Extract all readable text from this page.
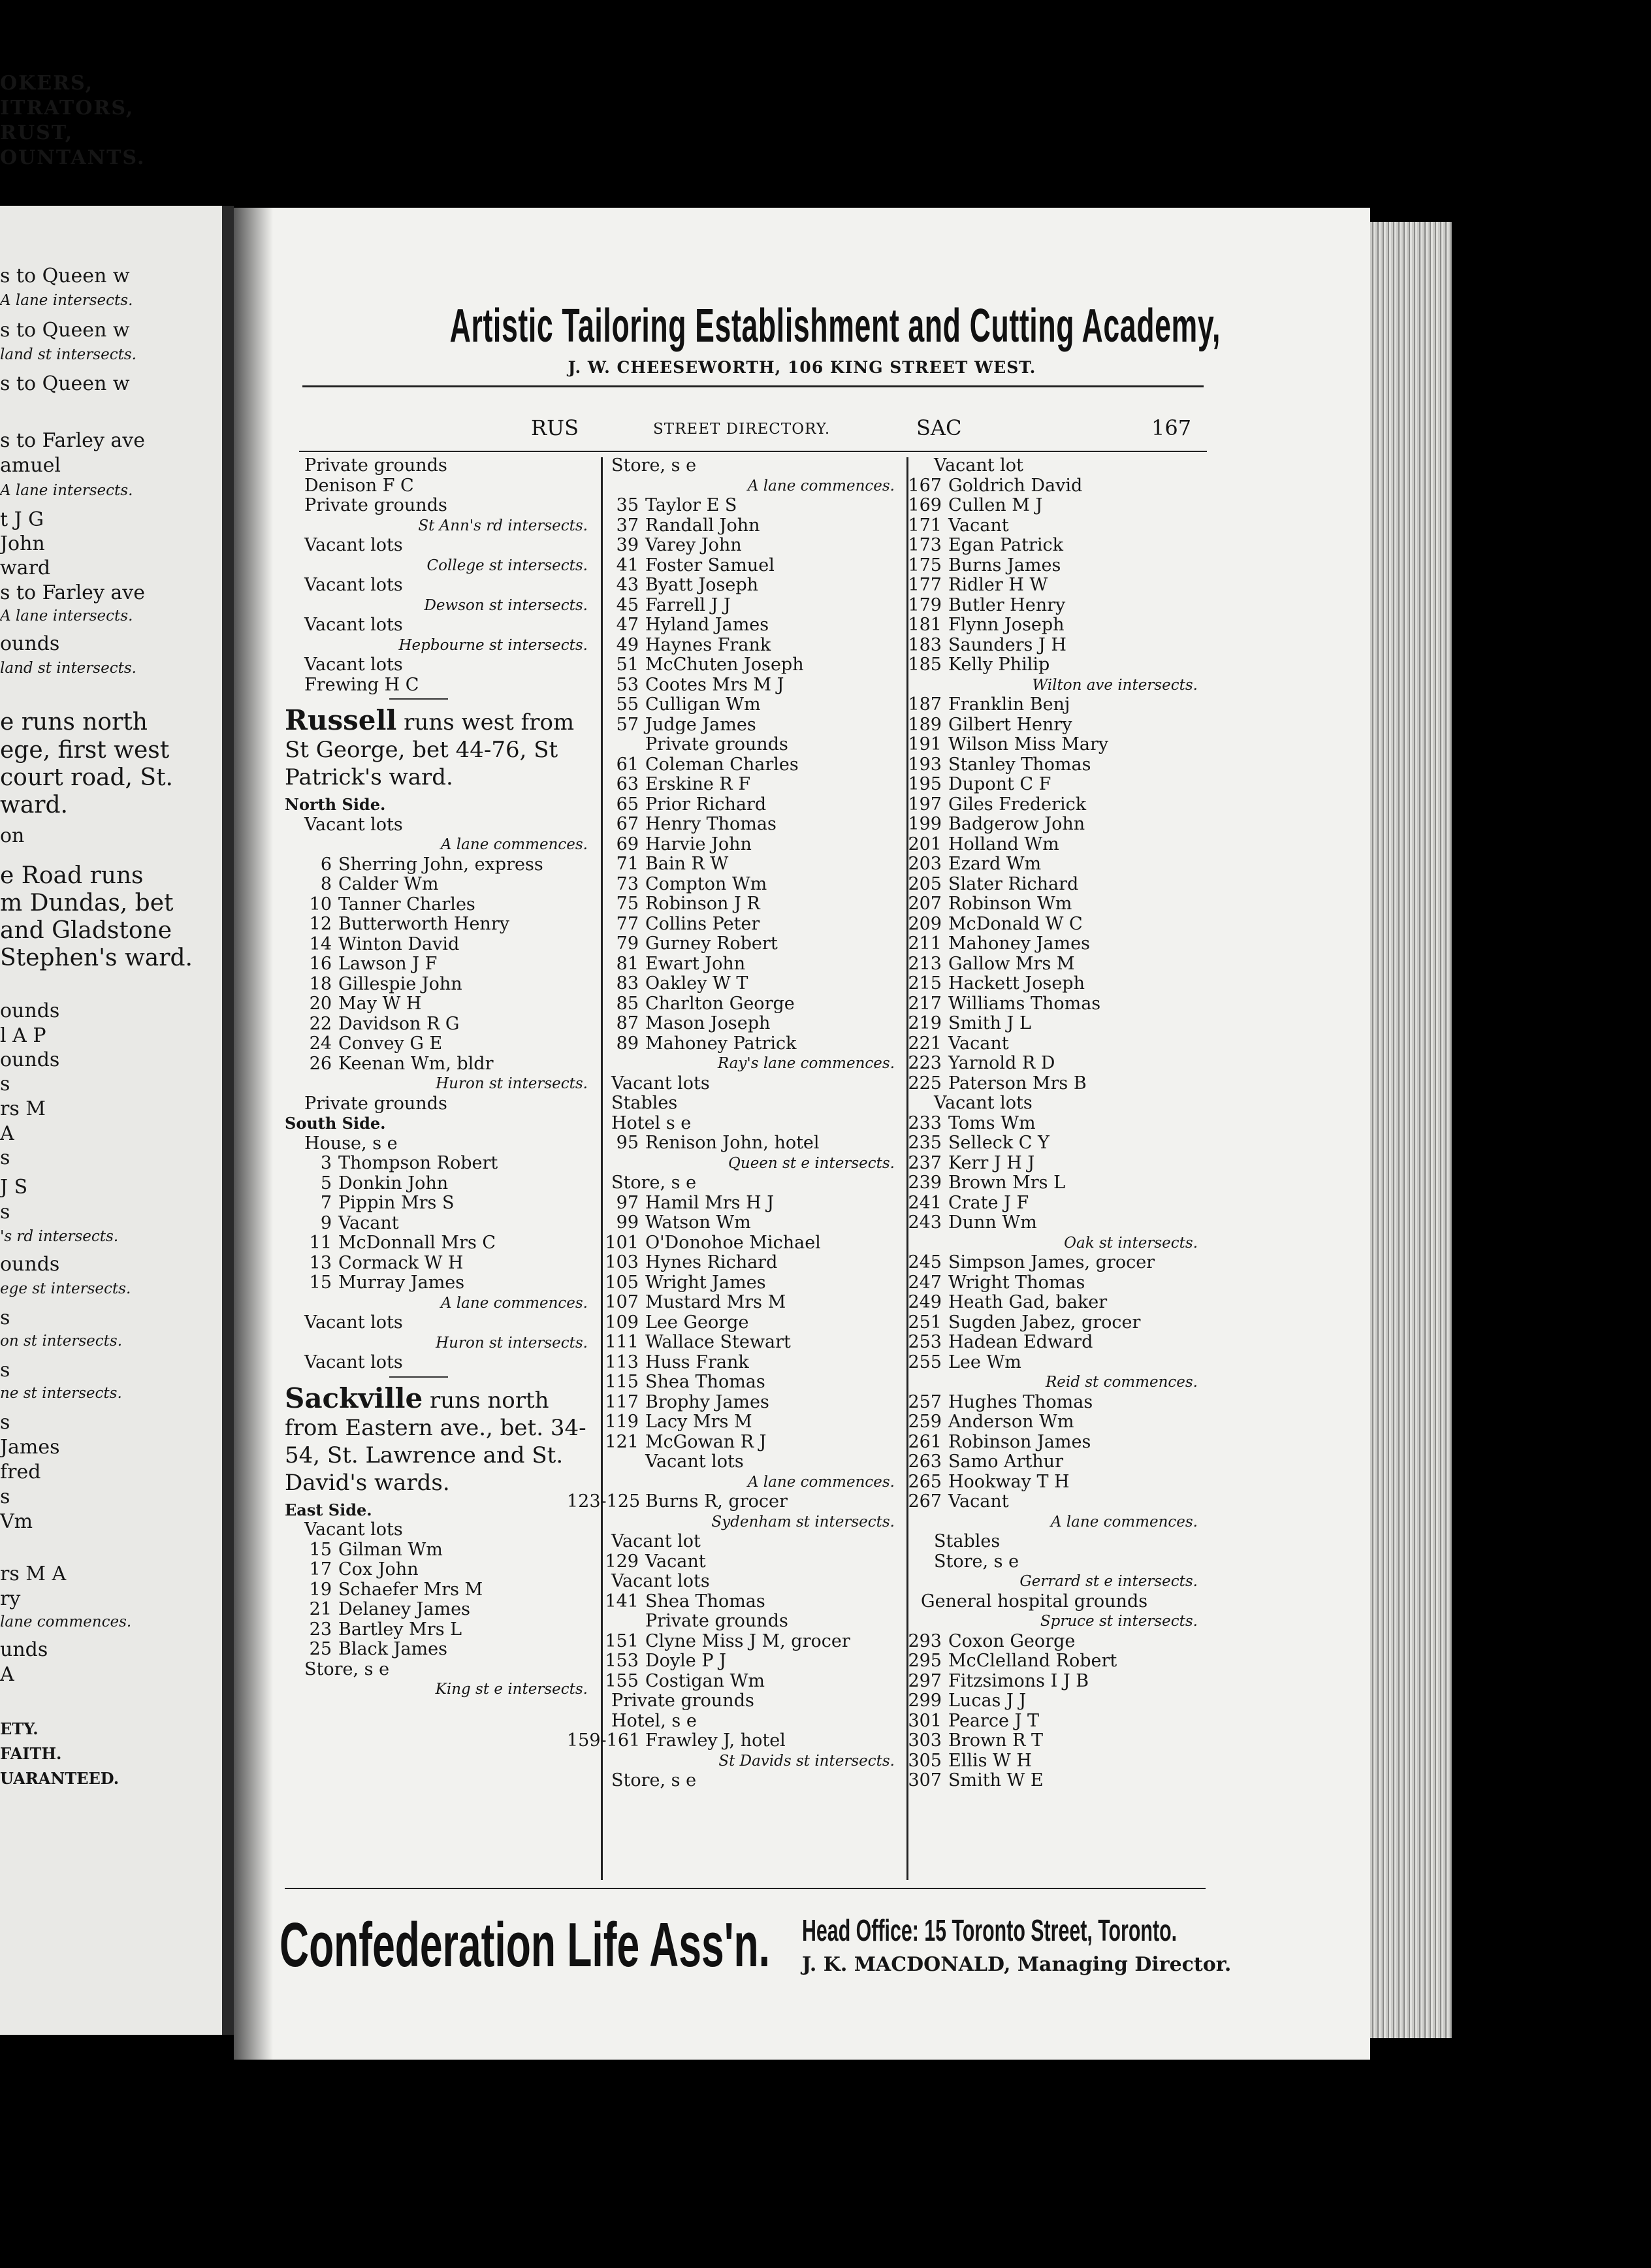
OKERS,
ITRATORS,
RUST,
OUNTANTS.
s to Queen w
A lane intersects.
s to Queen w
land st intersects.
s to Queen w
s to Farley ave
amuel
A lane intersects.
t J G
John
ward
s to Farley ave
A lane intersects.
ounds
land st intersects.
e runs north
ege, first west
court road, St.
ward.
on
e Road runs
m Dundas, bet
and Gladstone
Stephen's ward.
ounds
l A P
ounds
s
rs M
A
s
J S
s
's rd intersects.
ounds
ege st intersects.
s
on st intersects.
s
ne st intersects.
s
James
fred
s
Vm
rs M A
ry
lane commences.
unds
A
ETY.
FAITH.
UARANTEED.
Artistic Tailoring Establishment and Cutting Academy,
J. W. CHEESEWORTH, 106 KING STREET WEST.
RUS	STREET DIRECTORY.	SAC	167
Private grounds
Denison F C
Private grounds
St Ann's rd intersects.
Vacant lots
College st intersects.
Vacant lots
Dewson st intersects.
Vacant lots
Hepbourne st intersects.
Vacant lots
Frewing H C
Russell runs west from St George, bet 44-76, St Patrick's ward.
North Side.
Vacant lots
A lane commences.
6 Sherring John, express
8 Calder Wm
10 Tanner Charles
12 Butterworth Henry
14 Winton David
16 Lawson J F
18 Gillespie John
20 May W H
22 Davidson R G
24 Convey G E
26 Keenan Wm, bldr
Huron st intersects.
Private grounds
South Side.
House, s e
3 Thompson Robert
5 Donkin John
7 Pippin Mrs S
9 Vacant
11 McDonnall Mrs C
13 Cormack W H
15 Murray James
A lane commences.
Vacant lots
Huron st intersects.
Vacant lots
Sackville runs north from Eastern ave., bet. 34-54, St. Lawrence and St. David's wards.
East Side.
Vacant lots
15 Gilman Wm
17 Cox John
19 Schaefer Mrs M
21 Delaney James
23 Bartley Mrs L
25 Black James
Store, s e
King st e intersects.
Store, s e
A lane commences.
35 Taylor E S
37 Randall John
39 Varey John
41 Foster Samuel
43 Byatt Joseph
45 Farrell J J
47 Hyland James
49 Haynes Frank
51 McChuten Joseph
53 Cootes Mrs M J
55 Culligan Wm
57 Judge James
Private grounds
61 Coleman Charles
63 Erskine R F
65 Prior Richard
67 Henry Thomas
69 Harvie John
71 Bain R W
73 Compton Wm
75 Robinson J R
77 Collins Peter
79 Gurney Robert
81 Ewart John
83 Oakley W T
85 Charlton George
87 Mason Joseph
89 Mahoney Patrick
Ray's lane commences.
Vacant lots
Stables
Hotel s e
95 Renison John, hotel
Queen st e intersects.
Store, s e
97 Hamil Mrs H J
99 Watson Wm
101 O'Donohoe Michael
103 Hynes Richard
105 Wright James
107 Mustard Mrs M
109 Lee George
111 Wallace Stewart
113 Huss Frank
115 Shea Thomas
117 Brophy James
119 Lacy Mrs M
121 McGowan R J
Vacant lots
A lane commences.
123-125 Burns R, grocer
Sydenham st intersects.
Vacant lot
129 Vacant
Vacant lots
141 Shea Thomas
Private grounds
151 Clyne Miss J M, grocer
153 Doyle P J
155 Costigan Wm
Private grounds
Hotel, s e
159-161 Frawley J, hotel
St Davids st intersects.
Store, s e
Vacant lot
167 Goldrich David
169 Cullen M J
171 Vacant
173 Egan Patrick
175 Burns James
177 Ridler H W
179 Butler Henry
181 Flynn Joseph
183 Saunders J H
185 Kelly Philip
Wilton ave intersects.
187 Franklin Benj
189 Gilbert Henry
191 Wilson Miss Mary
193 Stanley Thomas
195 Dupont C F
197 Giles Frederick
199 Badgerow John
201 Holland Wm
203 Ezard Wm
205 Slater Richard
207 Robinson Wm
209 McDonald W C
211 Mahoney James
213 Gallow Mrs M
215 Hackett Joseph
217 Williams Thomas
219 Smith J L
221 Vacant
223 Yarnold R D
225 Paterson Mrs B
Vacant lots
233 Toms Wm
235 Selleck C Y
237 Kerr J H J
239 Brown Mrs L
241 Crate J F
243 Dunn Wm
Oak st intersects.
245 Simpson James, grocer
247 Wright Thomas
249 Heath Gad, baker
251 Sugden Jabez, grocer
253 Hadean Edward
255 Lee Wm
Reid st commences.
257 Hughes Thomas
259 Anderson Wm
261 Robinson James
263 Samo Arthur
265 Hookway T H
267 Vacant
A lane commences.
Stables
Store, s e
Gerrard st e intersects.
General hospital grounds
Spruce st intersects.
293 Coxon George
295 McClelland Robert
297 Fitzsimons I J B
299 Lucas J J
301 Pearce J T
303 Brown R T
305 Ellis W H
307 Smith W E
Confederation Life Ass'n. Head Office: 15 Toronto Street, Toronto.
J. K. MACDONALD, Managing Director.
